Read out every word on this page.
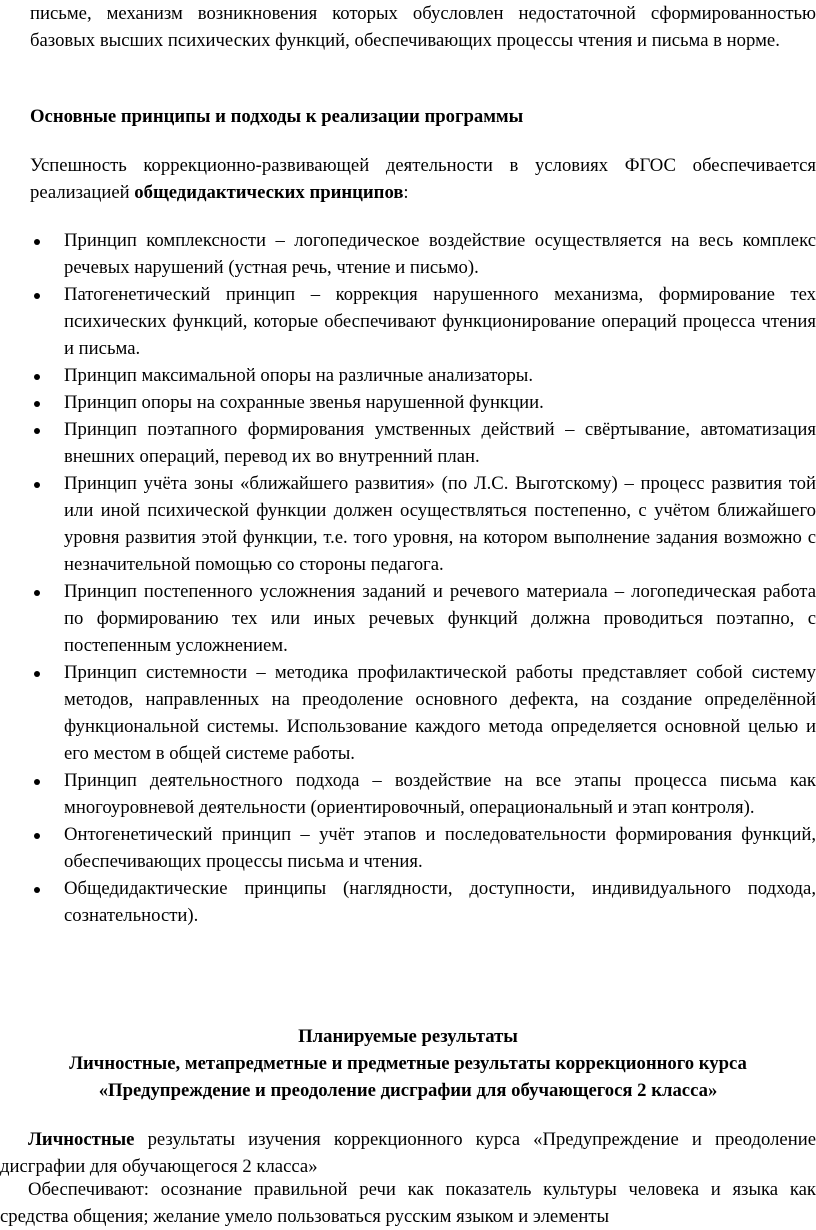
письме, механизм возникновения которых обусловлен недостаточной сформированностью базовых высших психических функций, обеспечивающих процессы чтения и письма в норме.
Основные принципы и подходы к реализации программы
Успешность коррекционно-развивающей деятельности в условиях ФГОС обеспечивается реализацией общедидактических принципов:
Принцип комплексности – логопедическое воздействие осуществляется на весь комплекс речевых нарушений (устная речь, чтение и письмо).
Патогенетический принцип – коррекция нарушенного механизма, формирование тех психических функций, которые обеспечивают функционирование операций процесса чтения и письма.
Принцип максимальной опоры на различные анализаторы.
Принцип опоры на сохранные звенья нарушенной функции.
Принцип поэтапного формирования умственных действий – свёртывание, автоматизация внешних операций, перевод их во внутренний план.
Принцип учёта зоны «ближайшего развития» (по Л.С. Выготскому) – процесс развития той или иной психической функции должен осуществляться постепенно, с учётом ближайшего уровня развития этой функции, т.е. того уровня, на котором выполнение задания возможно с незначительной помощью со стороны педагога.
Принцип постепенного усложнения заданий и речевого материала – логопедическая работа по формированию тех или иных речевых функций должна проводиться поэтапно, с постепенным усложнением.
Принцип системности – методика профилактической работы представляет собой систему методов, направленных на преодоление основного дефекта, на создание определённой функциональной системы. Использование каждого метода определяется основной целью и его местом в общей системе работы.
Принцип деятельностного подхода – воздействие на все этапы процесса письма как многоуровневой деятельности (ориентировочный, операциональный и этап контроля).
Онтогенетический принцип – учёт этапов и последовательности формирования функций, обеспечивающих процессы письма и чтения.
Общедидактические принципы (наглядности, доступности, индивидуального подхода, сознательности).
Планируемые результаты
Личностные, метапредметные и предметные результаты коррекционного курса
«Предупреждение и преодоление дисграфии для обучающегося 2 класса»
Личностные результаты изучения коррекционного курса «Предупреждение и преодоление дисграфии для обучающегося 2 класса»
Обеспечивают: осознание правильной речи как показатель культуры человека и языка как средства общения; желание умело пользоваться русским языком и элементы
